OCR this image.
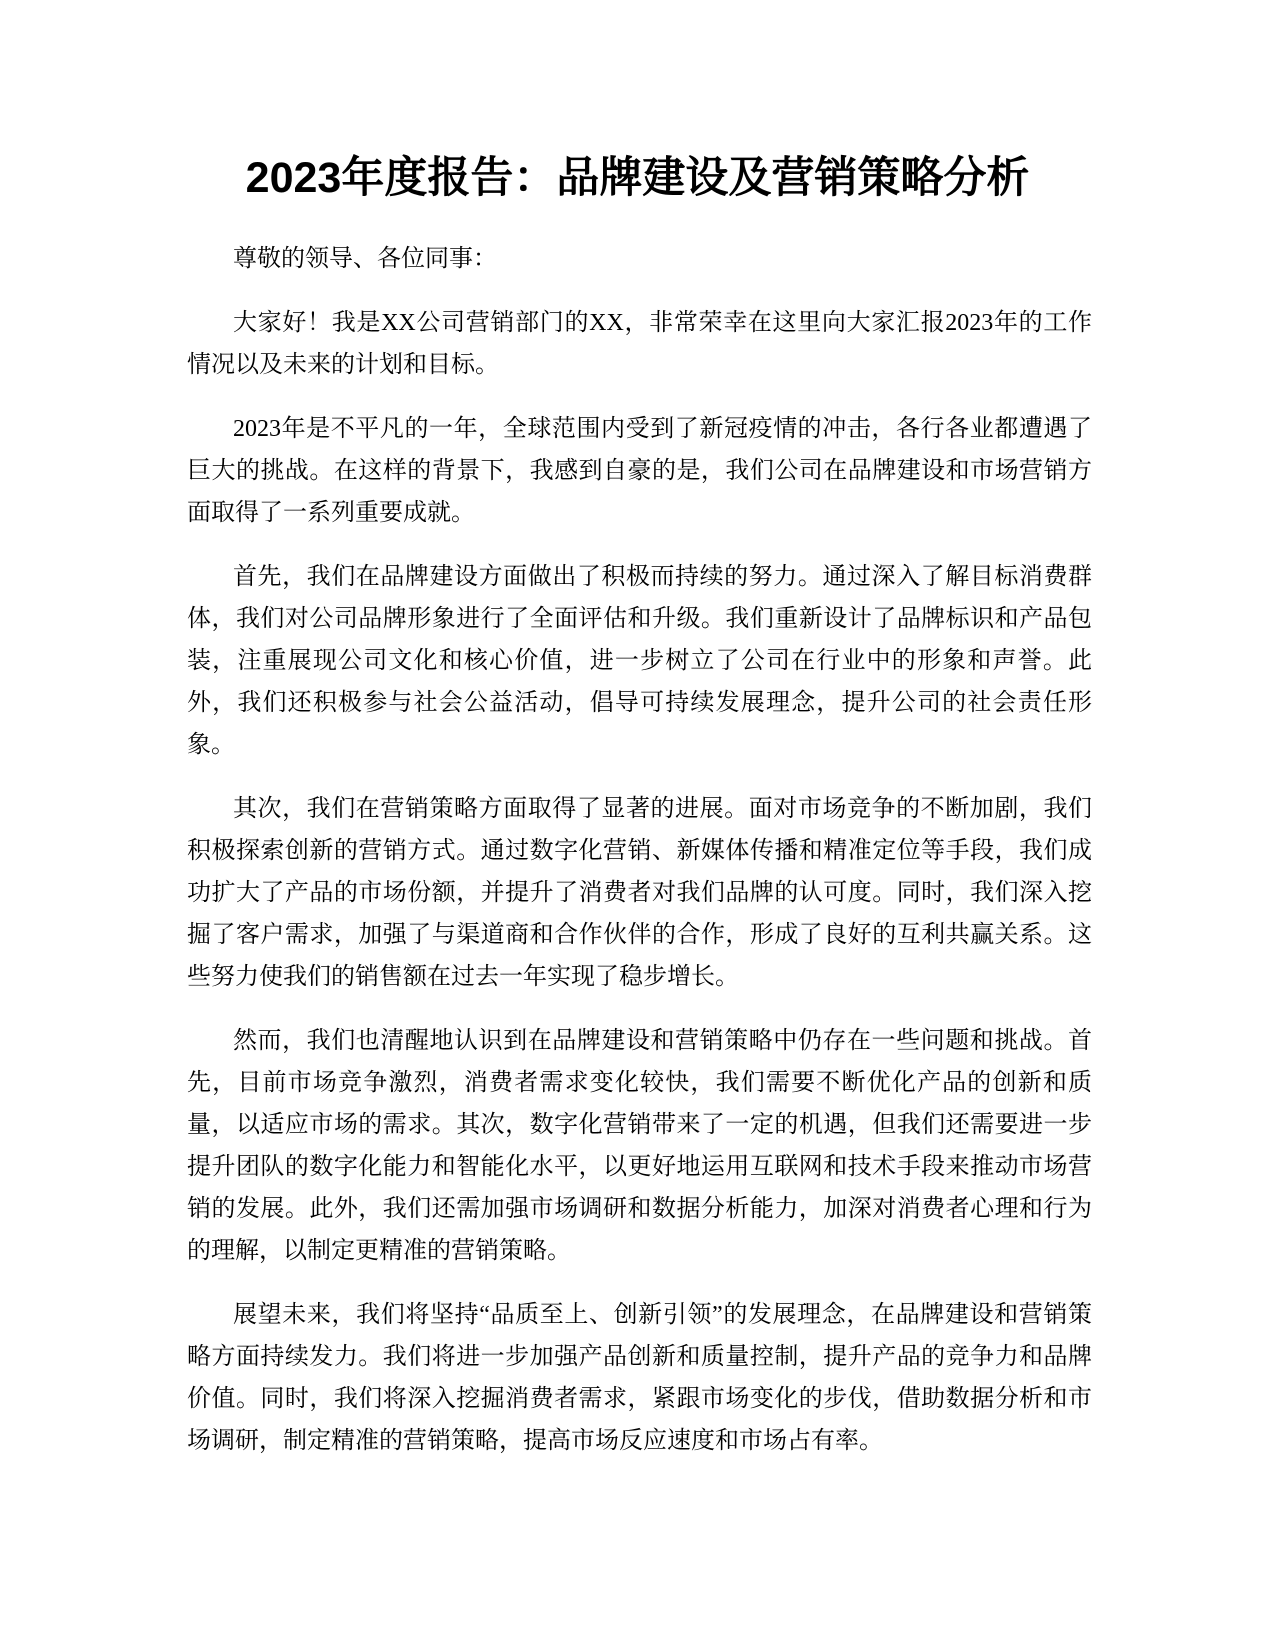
2023年度报告：品牌建设及营销策略分析

尊敬的领导、各位同事：

大家好！我是XX公司营销部门的XX，非常荣幸在这里向大家汇报2023年的工作情况以及未来的计划和目标。

2023年是不平凡的一年，全球范围内受到了新冠疫情的冲击，各行各业都遭遇了巨大的挑战。在这样的背景下，我感到自豪的是，我们公司在品牌建设和市场营销方面取得了一系列重要成就。

首先，我们在品牌建设方面做出了积极而持续的努力。通过深入了解目标消费群体，我们对公司品牌形象进行了全面评估和升级。我们重新设计了品牌标识和产品包装，注重展现公司文化和核心价值，进一步树立了公司在行业中的形象和声誉。此外，我们还积极参与社会公益活动，倡导可持续发展理念，提升公司的社会责任形象。

其次，我们在营销策略方面取得了显著的进展。面对市场竞争的不断加剧，我们积极探索创新的营销方式。通过数字化营销、新媒体传播和精准定位等手段，我们成功扩大了产品的市场份额，并提升了消费者对我们品牌的认可度。同时，我们深入挖掘了客户需求，加强了与渠道商和合作伙伴的合作，形成了良好的互利共赢关系。这些努力使我们的销售额在过去一年实现了稳步增长。

然而，我们也清醒地认识到在品牌建设和营销策略中仍存在一些问题和挑战。首先，目前市场竞争激烈，消费者需求变化较快，我们需要不断优化产品的创新和质量，以适应市场的需求。其次，数字化营销带来了一定的机遇，但我们还需要进一步提升团队的数字化能力和智能化水平，以更好地运用互联网和技术手段来推动市场营销的发展。此外，我们还需加强市场调研和数据分析能力，加深对消费者心理和行为的理解，以制定更精准的营销策略。

展望未来，我们将坚持“品质至上、创新引领”的发展理念，在品牌建设和营销策略方面持续发力。我们将进一步加强产品创新和质量控制，提升产品的竞争力和品牌价值。同时，我们将深入挖掘消费者需求，紧跟市场变化的步伐，借助数据分析和市场调研，制定精准的营销策略，提高市场反应速度和市场占有率。
